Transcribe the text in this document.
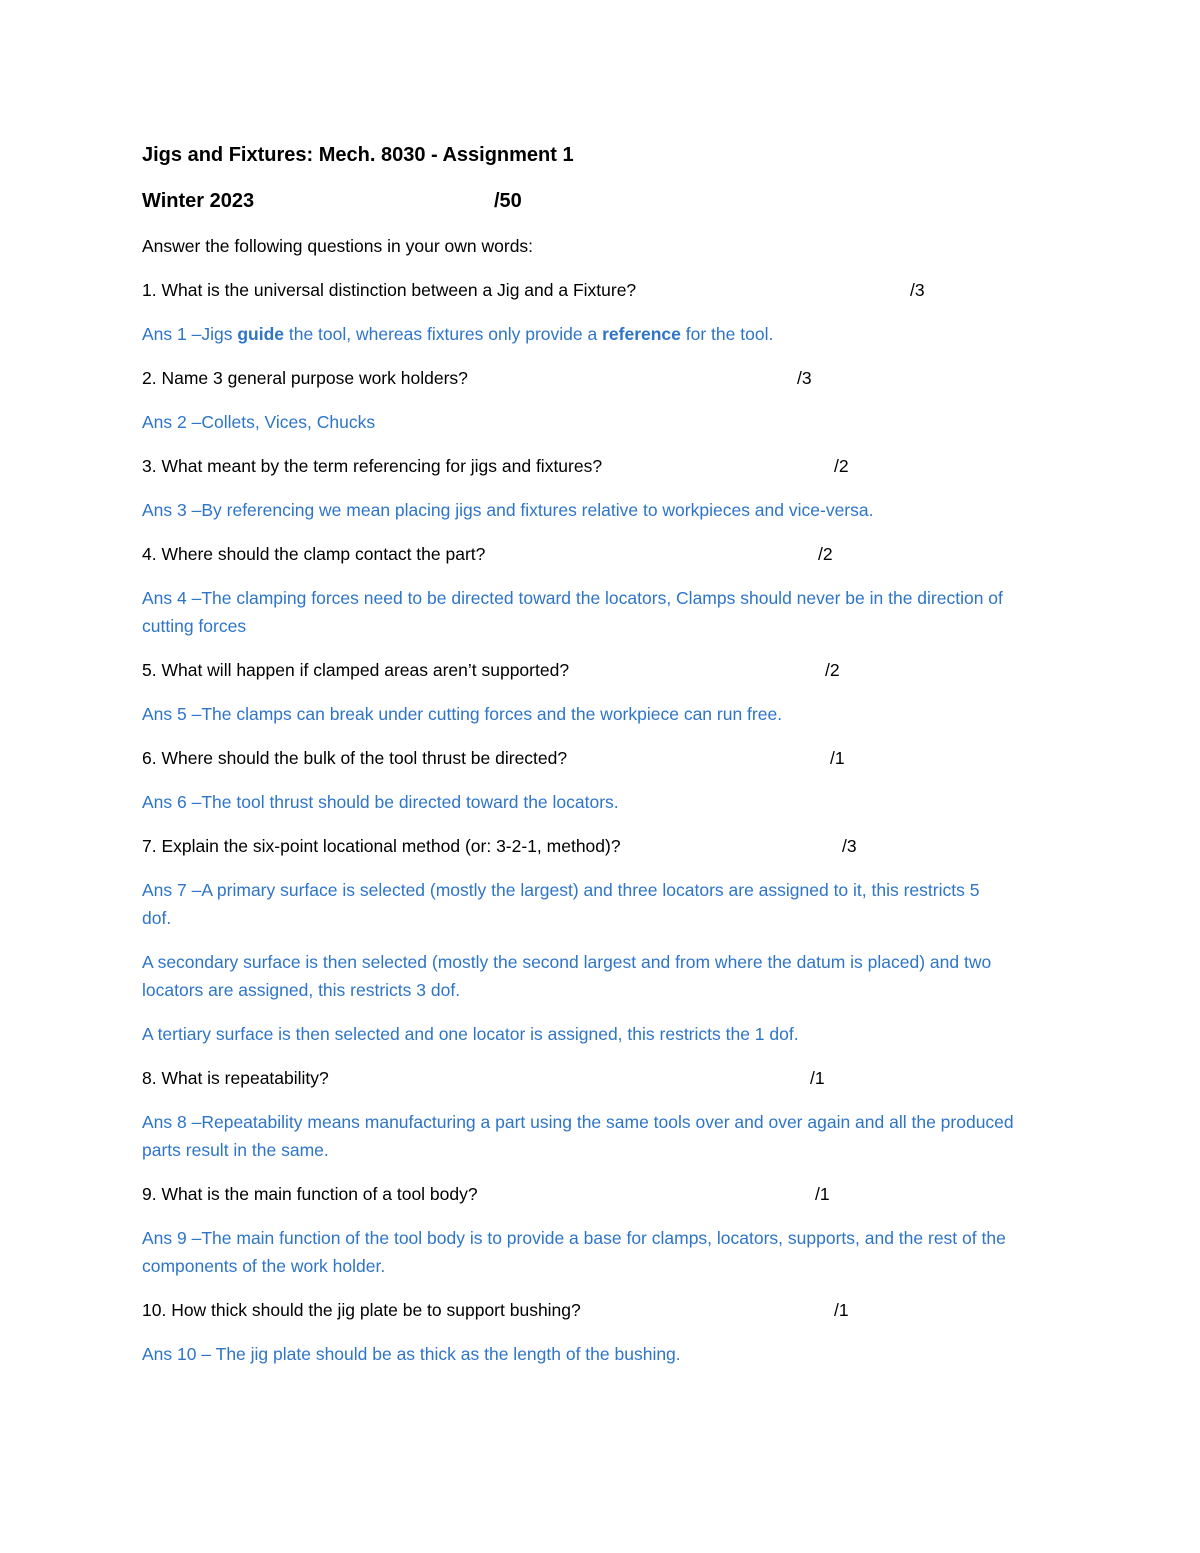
Jigs and Fixtures: Mech. 8030 - Assignment 1
Winter 2023	/50
Answer the following questions in your own words:
1. What is the universal distinction between a Jig and a Fixture?	/3
Ans 1 –Jigs guide the tool, whereas fixtures only provide a reference for the tool.
2. Name 3 general purpose work holders?	/3
Ans 2 –Collets, Vices, Chucks
3. What meant by the term referencing for jigs and fixtures?	/2
Ans 3 –By referencing we mean placing jigs and fixtures relative to workpieces and vice-versa.
4. Where should the clamp contact the part?	/2
Ans 4 –The clamping forces need to be directed toward the locators, Clamps should never be in the direction of cutting forces
5. What will happen if clamped areas aren’t supported?	/2
Ans 5 –The clamps can break under cutting forces and the workpiece can run free.
6. Where should the bulk of the tool thrust be directed?	/1
Ans 6 –The tool thrust should be directed toward the locators.
7. Explain the six-point locational method (or: 3-2-1, method)?	/3
Ans 7 –A primary surface is selected (mostly the largest) and three locators are assigned to it, this restricts 5 dof.
A secondary surface is then selected (mostly the second largest and from where the datum is placed) and two locators are assigned, this restricts 3 dof.
A tertiary surface is then selected and one locator is assigned, this restricts the 1 dof.
8. What is repeatability?	/1
Ans 8 –Repeatability means manufacturing a part using the same tools over and over again and all the produced parts result in the same.
9. What is the main function of a tool body?	/1
Ans 9 –The main function of the tool body is to provide a base for clamps, locators, supports, and the rest of the components of the work holder.
10. How thick should the jig plate be to support bushing?	/1
Ans 10 – The jig plate should be as thick as the length of the bushing.
